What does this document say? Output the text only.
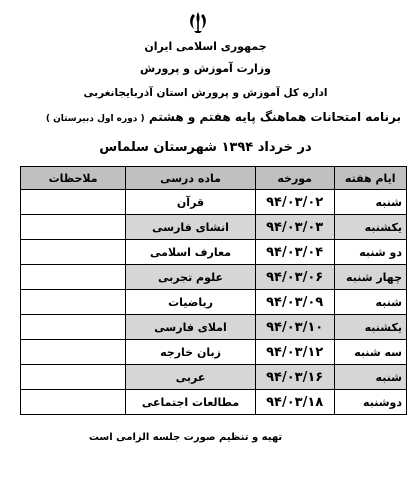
جمهوری اسلامی ایران
وزارت آموزش و پرورش
اداره کل آموزش و پرورش استان آذربایجانغربی
برنامه امتحانات هماهنگ پایه هفتم و هشتم ( دوره اول دبیرستان )
در خرداد ۱۳۹۴ شهرستان سلماس
ایام هفته	مورخه	ماده درسی	ملاحظات
شنبه	۹۴/۰۳/۰۲	قرآن	
یکشنبه	۹۴/۰۳/۰۳	انشای فارسی	
دو شنبه	۹۴/۰۳/۰۴	معارف اسلامی	
چهار شنبه	۹۴/۰۳/۰۶	علوم تجربی	
شنبه	۹۴/۰۳/۰۹	ریاضیات	
یکشنبه	۹۴/۰۳/۱۰	املای فارسی	
سه شنبه	۹۴/۰۳/۱۲	زبان خارجه	
شنبه	۹۴/۰۳/۱۶	عربی	
دوشنبه	۹۴/۰۳/۱۸	مطالعات اجتماعی	
تهیه و تنظیم صورت جلسه الزامی است
